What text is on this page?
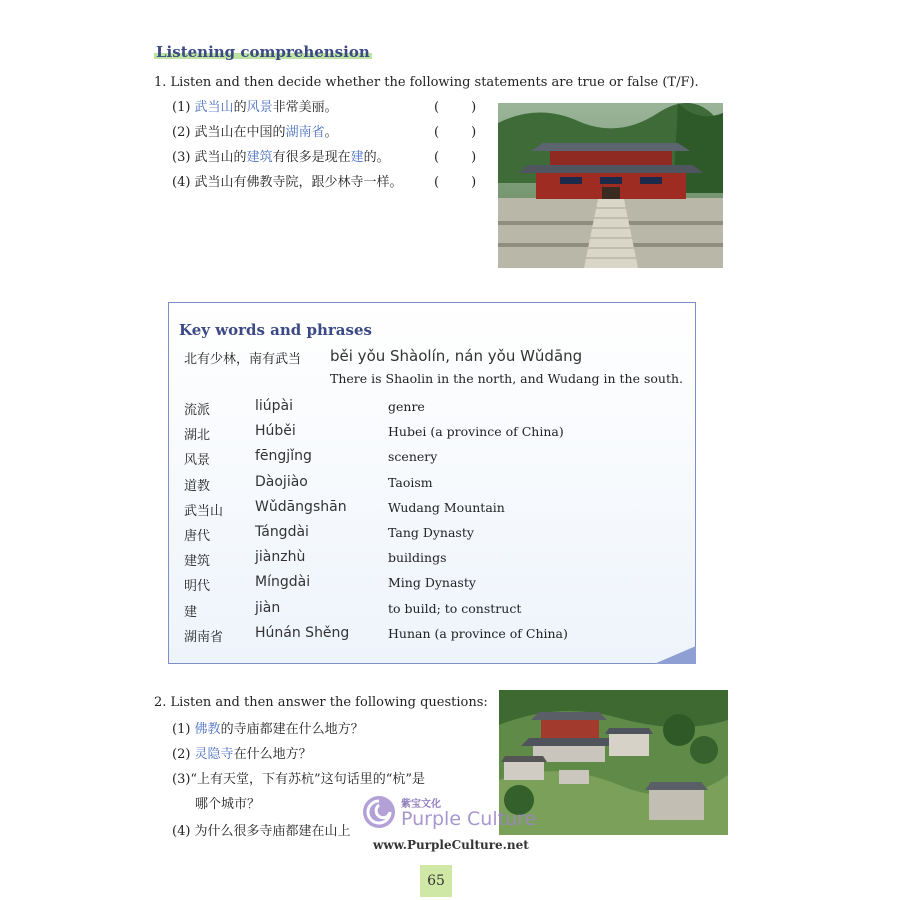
Listening comprehension
1. Listen and then decide whether the following statements are true or false (T/F).
(1) 武当山的风景非常美丽。	(　　)
(2) 武当山在中国的湖南省。	(　　)
(3) 武当山的建筑有很多是现在建的。	(　　)
(4) 武当山有佛教寺院，跟少林寺一样。 (　　)
Key words and phrases
北有少林，南有武当 běi yǒu Shàolín, nán yǒu Wǔdāng
There is Shaolin in the north, and Wudang in the south.
流派	liúpài	genre
湖北	Húběi	Hubei (a province of China)
风景	fēngjǐng	scenery
道教	Dàojiào	Taoism
武当山 Wǔdāngshān	Wudang Mountain
唐代	Tángdài	Tang Dynasty
建筑	jiànzhù	buildings
明代	Míngdài	Ming Dynasty
建	jiàn	to build; to construct
湖南省 Húnán Shěng	Hunan (a province of China)
2. Listen and then answer the following questions:
(1) 佛教的寺庙都建在什么地方？
(2) 灵隐寺在什么地方？
(3)“上有天堂，下有苏杭”这句话里的“杭”是
哪个城市？
(4) 为什么很多寺庙都建在山上
紫宝文化
Purple Culture
www.PurpleCulture.net
65
